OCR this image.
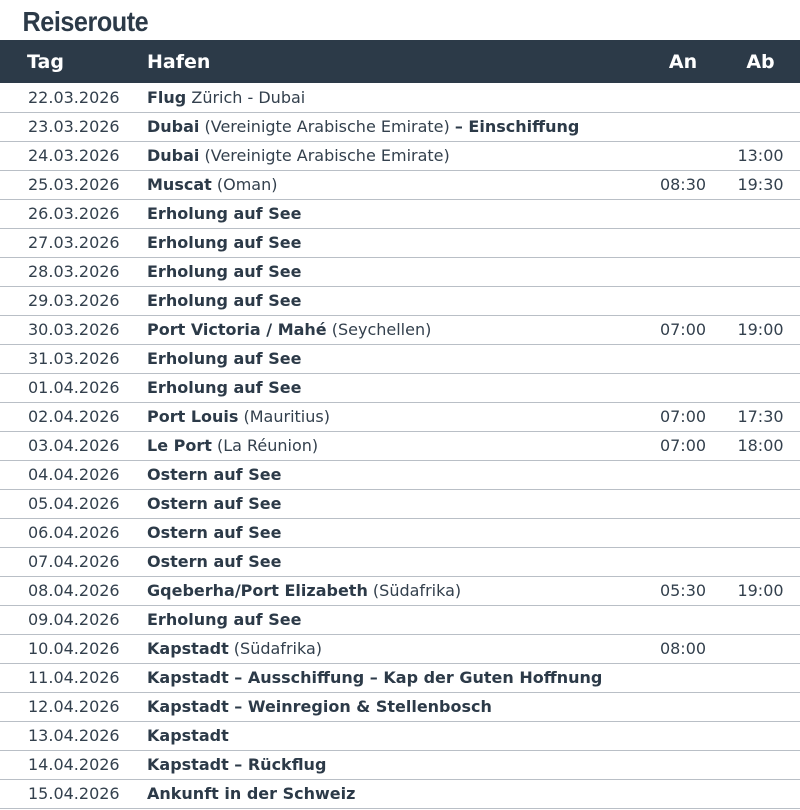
Reiseroute
Tag	Hafen	An	Ab
22.03.2026	Flug Zürich - Dubai		
23.03.2026	Dubai (Vereinigte Arabische Emirate) – Einschiffung		
24.03.2026	Dubai (Vereinigte Arabische Emirate)		13:00
25.03.2026	Muscat (Oman)	08:30	19:30
26.03.2026	Erholung auf See		
27.03.2026	Erholung auf See		
28.03.2026	Erholung auf See		
29.03.2026	Erholung auf See		
30.03.2026	Port Victoria / Mahé (Seychellen)	07:00	19:00
31.03.2026	Erholung auf See		
01.04.2026	Erholung auf See		
02.04.2026	Port Louis (Mauritius)	07:00	17:30
03.04.2026	Le Port (La Réunion)	07:00	18:00
04.04.2026	Ostern auf See		
05.04.2026	Ostern auf See		
06.04.2026	Ostern auf See		
07.04.2026	Ostern auf See		
08.04.2026	Gqeberha/Port Elizabeth (Südafrika)	05:30	19:00
09.04.2026	Erholung auf See		
10.04.2026	Kapstadt (Südafrika)	08:00	
11.04.2026	Kapstadt – Ausschiffung – Kap der Guten Hoffnung		
12.04.2026	Kapstadt – Weinregion & Stellenbosch		
13.04.2026	Kapstadt		
14.04.2026	Kapstadt – Rückflug		
15.04.2026	Ankunft in der Schweiz		
